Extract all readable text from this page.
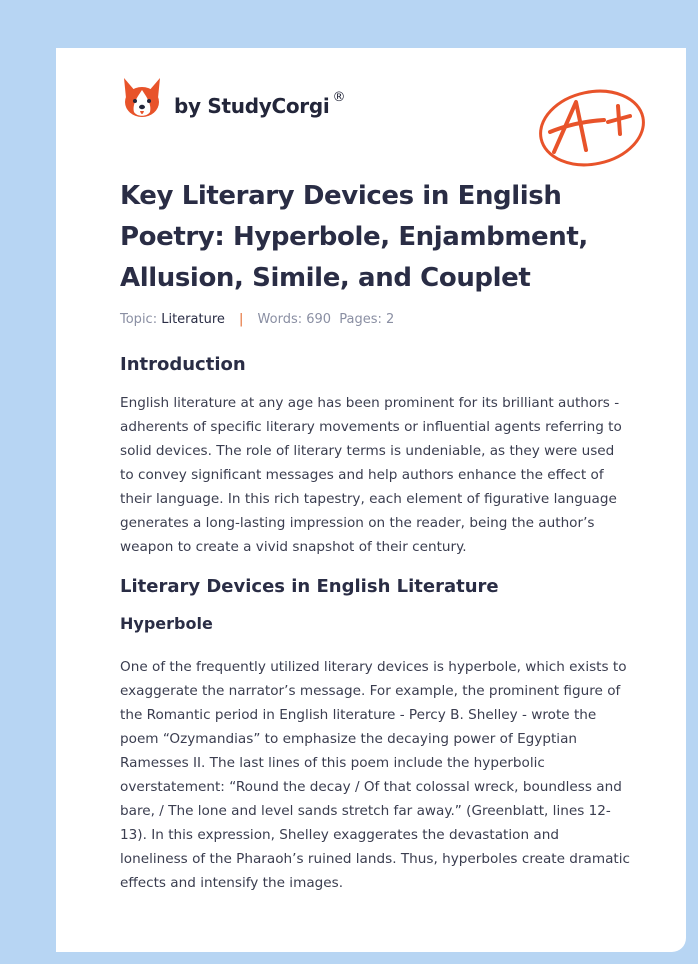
by StudyCorgi ®
Key Literary Devices in English Poetry: Hyperbole, Enjambment, Allusion, Simile, and Couplet
Topic: Literature | Words: 690 Pages: 2
Introduction

English literature at any age has been prominent for its brilliant authors - adherents of specific literary movements or influential agents referring to solid devices. The role of literary terms is undeniable, as they were used to convey significant messages and help authors enhance the effect of their language. In this rich tapestry, each element of figurative language generates a long-lasting impression on the reader, being the author’s weapon to create a vivid snapshot of their century.

Literary Devices in English Literature
Hyperbole

One of the frequently utilized literary devices is hyperbole, which exists to exaggerate the narrator’s message. For example, the prominent figure of the Romantic period in English literature - Percy B. Shelley - wrote the poem “Ozymandias” to emphasize the decaying power of Egyptian Ramesses II. The last lines of this poem include the hyperbolic overstatement: “Round the decay / Of that colossal wreck, boundless and bare, / The lone and level sands stretch far away.” (Greenblatt, lines 12-13). In this expression, Shelley exaggerates the devastation and loneliness of the Pharaoh’s ruined lands. Thus, hyperboles create dramatic effects and intensify the images.
